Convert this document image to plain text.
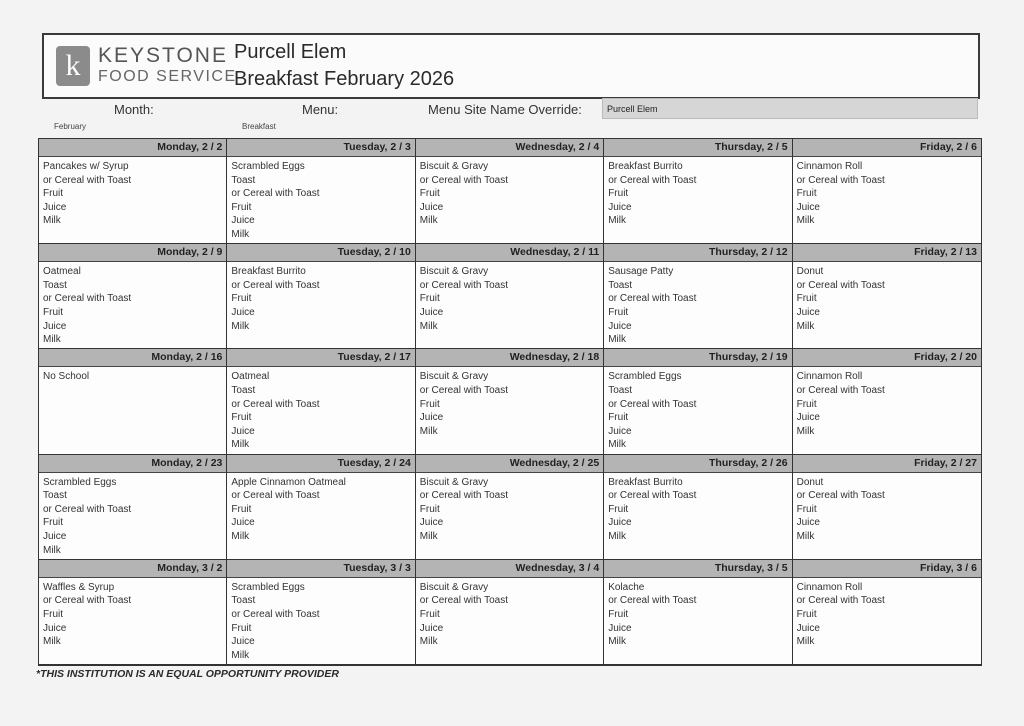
k KEYSTONE
FOOD SERVICE
Purcell Elem
Breakfast February 2026
Month:
February
Menu:
Breakfast
Menu Site Name Override:	Purcell Elem
Monday, 2 / 2
Pancakes w/ Syrup
or Cereal with Toast
Fruit
Juice
Milk
Tuesday, 2 / 3
Scrambled Eggs
Toast
or Cereal with Toast
Fruit
Juice
Milk
Wednesday, 2 / 4
Biscuit & Gravy
or Cereal with Toast
Fruit
Juice
Milk
Thursday, 2 / 5
Breakfast Burrito
or Cereal with Toast
Fruit
Juice
Milk
Friday, 2 / 6
Cinnamon Roll
or Cereal with Toast
Fruit
Juice
Milk
Monday, 2 / 9
Oatmeal
Toast
or Cereal with Toast
Fruit
Juice
Milk
Tuesday, 2 / 10
Breakfast Burrito
or Cereal with Toast
Fruit
Juice
Milk
Wednesday, 2 / 11
Biscuit & Gravy
or Cereal with Toast
Fruit
Juice
Milk
Thursday, 2 / 12
Sausage Patty
Toast
or Cereal with Toast
Fruit
Juice
Milk
Friday, 2 / 13
Donut
or Cereal with Toast
Fruit
Juice
Milk
Monday, 2 / 16
No School
Tuesday, 2 / 17
Oatmeal
Toast
or Cereal with Toast
Fruit
Juice
Milk
Wednesday, 2 / 18
Biscuit & Gravy
or Cereal with Toast
Fruit
Juice
Milk
Thursday, 2 / 19
Scrambled Eggs
Toast
or Cereal with Toast
Fruit
Juice
Milk
Friday, 2 / 20
Cinnamon Roll
or Cereal with Toast
Fruit
Juice
Milk
Monday, 2 / 23
Scrambled Eggs
Toast
or Cereal with Toast
Fruit
Juice
Milk
Tuesday, 2 / 24
Apple Cinnamon Oatmeal
or Cereal with Toast
Fruit
Juice
Milk
Wednesday, 2 / 25
Biscuit & Gravy
or Cereal with Toast
Fruit
Juice
Milk
Thursday, 2 / 26
Breakfast Burrito
or Cereal with Toast
Fruit
Juice
Milk
Friday, 2 / 27
Donut
or Cereal with Toast
Fruit
Juice
Milk
Monday, 3 / 2
Waffles & Syrup
or Cereal with Toast
Fruit
Juice
Milk
Tuesday, 3 / 3
Scrambled Eggs
Toast
or Cereal with Toast
Fruit
Juice
Milk
Wednesday, 3 / 4
Biscuit & Gravy
or Cereal with Toast
Fruit
Juice
Milk
Thursday, 3 / 5
Kolache
or Cereal with Toast
Fruit
Juice
Milk
Friday, 3 / 6
Cinnamon Roll
or Cereal with Toast
Fruit
Juice
Milk
*THIS INSTITUTION IS AN EQUAL OPPORTUNITY PROVIDER
